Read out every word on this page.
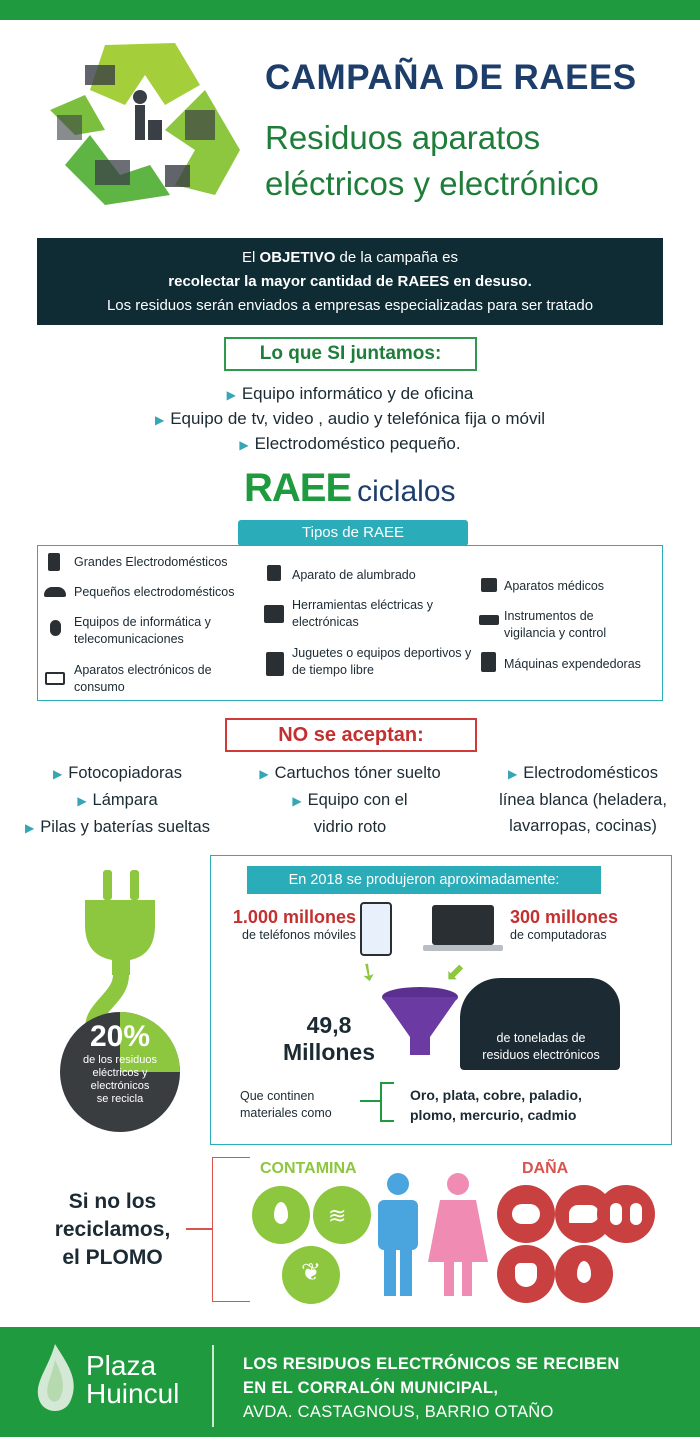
CAMPAÑA DE RAEES
Residuos aparatos
eléctricos y electrónico
El OBJETIVO de la campaña es
recolectar la mayor cantidad de RAEES en desuso.
Los residuos serán enviados a empresas especializadas para ser tratado
Lo que SI juntamos:
▶ Equipo informático y de oficina
▶ Equipo de tv, video , audio y telefónica fija o móvil
▶ Electrodoméstico pequeño.
RAEE ciclalos
Tipos de RAEE
Grandes Electrodomésticos
Pequeños electrodomésticos
Equipos de informática y telecomunicaciones
Aparatos electrónicos de consumo
Aparato de alumbrado
Herramientas eléctricas y electrónicas
Juguetes o equipos deportivos y de tiempo libre
Aparatos médicos
Instrumentos de vigilancia y control
Máquinas expendedoras
NO se aceptan:
▶ Fotocopiadoras
▶ Lámpara
▶ Pilas y baterías sueltas
▶ Cartuchos tóner suelto
▶ Equipo con el
vidrio roto
▶ Electrodomésticos
línea blanca (heladera,
lavarropas, cocinas)
20%
de los residuos
eléctricos y
electrónicos
se recicla
En 2018 se produjeron aproximadamente:
1.000 millones
de teléfonos móviles
300 millones
de computadoras
➘	⬋
49,8
Millones
de toneladas de
residuos electrónicos
Que continen
materiales como
Oro, plata, cobre, paladio,
plomo, mercurio, cadmio
Si no los
reciclamos,
el PLOMO
CONTAMINA
≋
❦
DAÑA
Plaza
Huincul
LOS RESIDUOS ELECTRÓNICOS SE RECIBEN
EN EL CORRALÓN MUNICIPAL,
AVDA. CASTAGNOUS, BARRIO OTAÑO
